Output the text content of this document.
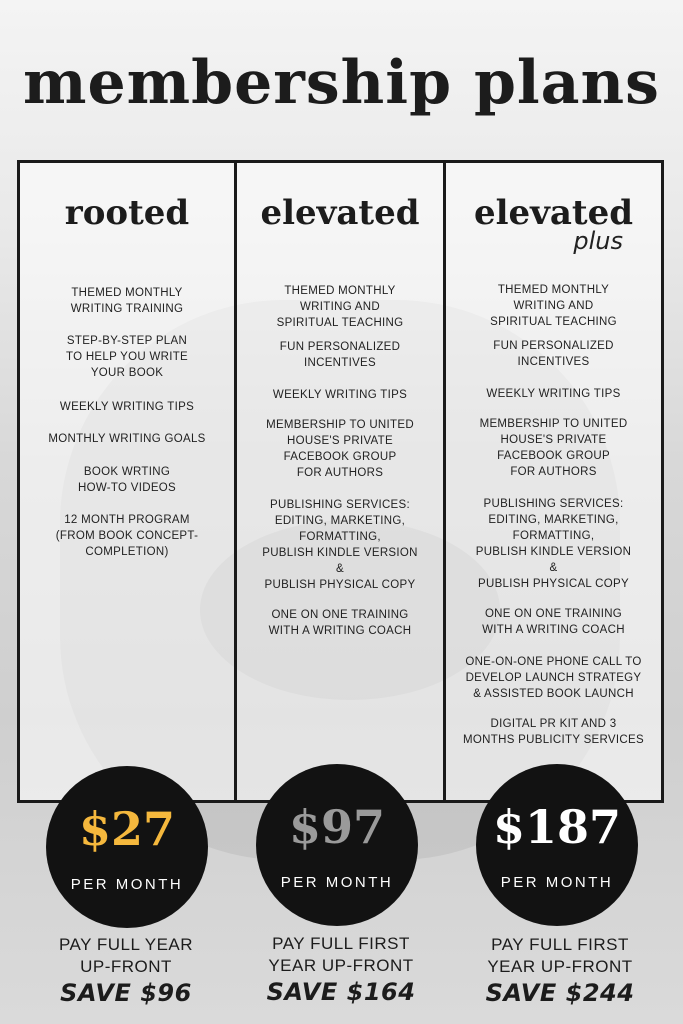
membership plans
rooted
THEMED MONTHLY
WRITING TRAINING
STEP-BY-STEP PLAN
TO HELP YOU WRITE
YOUR BOOK
WEEKLY WRITING TIPS
MONTHLY WRITING GOALS
BOOK WRTING
HOW-TO VIDEOS
12 MONTH PROGRAM
(FROM BOOK CONCEPT-
COMPLETION)
elevated
THEMED MONTHLY
WRITING AND
SPIRITUAL TEACHING
FUN PERSONALIZED
INCENTIVES
WEEKLY WRITING TIPS
MEMBERSHIP TO UNITED
HOUSE'S PRIVATE
FACEBOOK GROUP
FOR AUTHORS
PUBLISHING SERVICES:
EDITING, MARKETING,
FORMATTING,
PUBLISH KINDLE VERSION
&
PUBLISH PHYSICAL COPY
ONE ON ONE TRAINING
WITH A WRITING COACH
elevated
plus
THEMED MONTHLY
WRITING AND
SPIRITUAL TEACHING
FUN PERSONALIZED
INCENTIVES
WEEKLY WRITING TIPS
MEMBERSHIP TO UNITED
HOUSE'S PRIVATE
FACEBOOK GROUP
FOR AUTHORS
PUBLISHING SERVICES:
EDITING, MARKETING,
FORMATTING,
PUBLISH KINDLE VERSION
&
PUBLISH PHYSICAL COPY
ONE ON ONE TRAINING
WITH A WRITING COACH
ONE-ON-ONE PHONE CALL TO
DEVELOP LAUNCH STRATEGY
& ASSISTED BOOK LAUNCH
DIGITAL PR KIT AND 3
MONTHS PUBLICITY SERVICES
$27
PER MONTH
$97
PER MONTH
$187
PER MONTH
PAY FULL YEAR
UP-FRONT
SAVE $96
PAY FULL FIRST
YEAR UP-FRONT
SAVE $164
PAY FULL FIRST
YEAR UP-FRONT
SAVE $244
